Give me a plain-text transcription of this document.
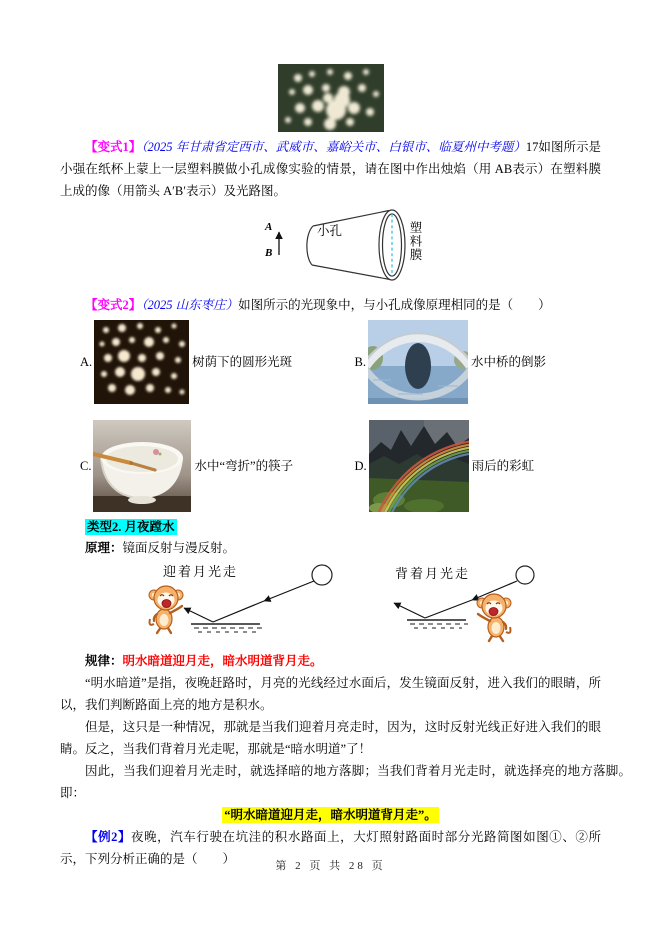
【变式1】（2025 年甘肃省定西市、武威市、嘉峪关市、白银市、临夏州中考题）17如图所示是小强在纸杯上蒙上一层塑料膜做小孔成像实验的情景，请在图中作出烛焰（用 AB表示）在塑料膜上成的像（用箭头 A′B′表示）及光路图。

A
B
小孔	塑料膜

【变式2】（2025 山东枣庄）如图所示的光现象中，与小孔成像原理相同的是（　　）

A.	树荫下的圆形光斑	B.	水中桥的倒影
C.	水中“弯折”的筷子	D.	雨后的彩虹

类型2. 月夜蹚水

原理：镜面反射与漫反射。

迎着月光走	背着月光走

规律：明水暗道迎月走，暗水明道背月走。

“明水暗道”是指，夜晚赶路时，月亮的光线经过水面后，发生镜面反射，进入我们的眼睛，所以，我们判断路面上亮的地方是积水。

但是，这只是一种情况，那就是当我们迎着月亮走时，因为，这时反射光线正好进入我们的眼睛。反之，当我们背着月光走呢，那就是“暗水明道”了！

因此，当我们迎着月光走时，就选择暗的地方落脚；当我们背着月光走时，就选择亮的地方落脚。即：

“明水暗道迎月走，暗水明道背月走”。

【例2】夜晚，汽车行驶在坑洼的积水路面上，大灯照射路面时部分光路简图如图①、②所示，下列分析正确的是（　　）	第 2 页 共 28 页
